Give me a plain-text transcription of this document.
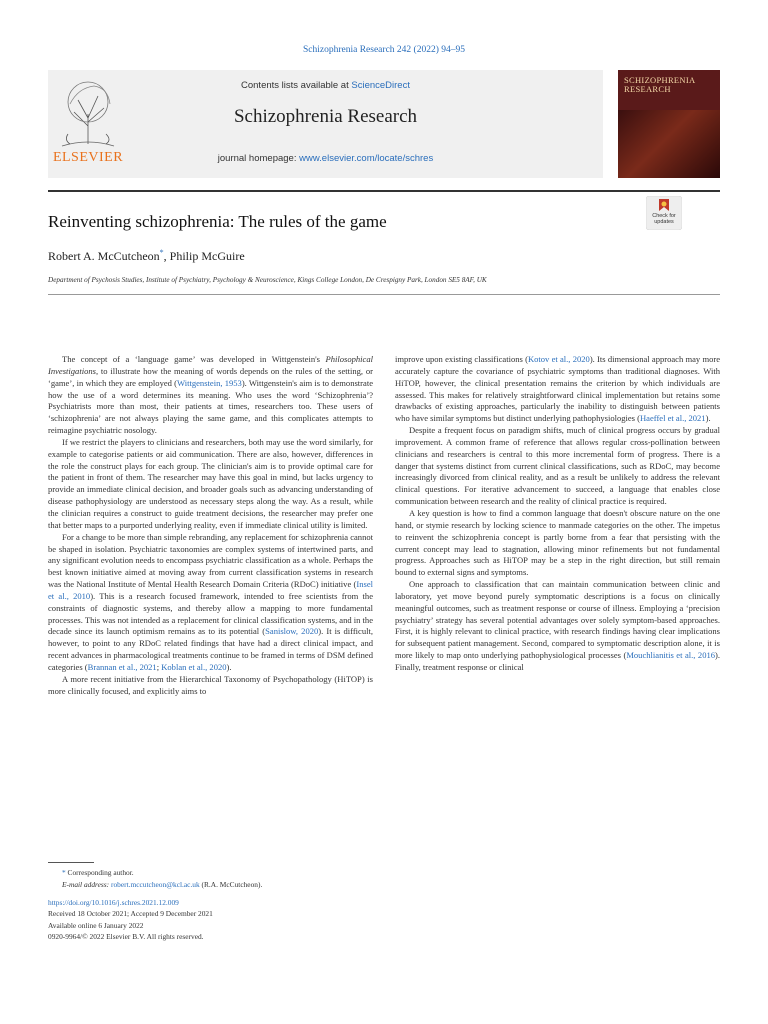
Schizophrenia Research 242 (2022) 94–95
ELSEVIER
Contents lists available at ScienceDirect
Schizophrenia Research
journal homepage: www.elsevier.com/locate/schres
SCHIZOPHRENIA
RESEARCH
Reinventing schizophrenia: The rules of the game	Check for
updates
Robert A. McCutcheon*, Philip McGuire
Department of Psychosis Studies, Institute of Psychiatry, Psychology & Neuroscience, Kings College London, De Crespigny Park, London SE5 8AF, UK

The concept of a ‘language game’ was developed in Wittgenstein's Philosophical Investigations, to illustrate how the meaning of words depends on the rules of the setting, or ‘game’, in which they are employed (Wittgenstein, 1953). Wittgenstein's aim is to demonstrate how the use of a word determines its meaning. Who uses the word ‘Schizophrenia’? Psychiatrists more than most, their patients at times, researchers too. These users of ‘schizophrenia’ are not always playing the same game, and this complicates attempts to reimagine psychiatric nosology.

If we restrict the players to clinicians and researchers, both may use the word similarly, for example to categorise patients or aid communication. There are also, however, differences in the role the construct plays for each group. The clinician's aim is to provide optimal care for the patient in front of them. The researcher may have this goal in mind, but lacks urgency to provide an immediate clinical decision, and broader goals such as advancing understanding of disease pathophysiology are understood as necessary steps along the way. As a result, while the clinician requires a construct to guide treatment decisions, the researcher may prefer one that better maps to a purported underlying reality, even if immediate clinical utility is limited.

For a change to be more than simple rebranding, any replacement for schizophrenia cannot be shaped in isolation. Psychiatric taxonomies are complex systems of intertwined parts, and any significant evolution needs to encompass psychiatric classification as a whole. Perhaps the best known initiative aimed at moving away from current classification systems in research was the National Institute of Mental Health Research Domain Criteria (RDoC) initiative (Insel et al., 2010). This is a research focused framework, intended to free scientists from the constraints of diagnostic systems, and thereby allow a mapping to more fundamental processes. This was not intended as a replacement for clinical classification systems, and in the decade since its launch optimism remains as to its potential (Sanislow, 2020). It is difficult, however, to point to any RDoC related findings that have had a direct clinical impact, and recent advances in pharmacological treatments continue to be framed in terms of DSM defined categories (Brannan et al., 2021; Koblan et al., 2020).

A more recent initiative from the Hierarchical Taxonomy of Psychopathology (HiTOP) is more clinically focused, and explicitly aims to

improve upon existing classifications (Kotov et al., 2020). Its dimensional approach may more accurately capture the covariance of psychiatric symptoms than traditional diagnoses. With HiTOP, however, the clinical presentation remains the criterion by which individuals are assessed. This makes for relatively straightforward clinical implementation but retains some drawbacks of existing approaches, particularly the inability to distinguish between patients who have similar symptoms but distinct underlying pathophysiologies (Haeffel et al., 2021).

Despite a frequent focus on paradigm shifts, much of clinical progress occurs by gradual improvement. A common frame of reference that allows regular cross-pollination between clinicians and researchers is central to this more incremental form of progress. There is a danger that systems distinct from current clinical classifications, such as RDoC, may become increasingly divorced from clinical reality, and as a result be unlikely to address the relevant clinical questions. For iterative advancement to succeed, a language that enables close communication between research and the reality of clinical practice is required.

A key question is how to find a common language that doesn't obscure nature on the one hand, or stymie research by locking science to manmade categories on the other. The impetus to reinvent the schizophrenia concept is partly borne from a fear that persisting with the current concept may lead to stagnation, allowing minor refinements but not fundamental progress. Approaches such as HiTOP may be a step in the right direction, but still remain bound to external signs and symptoms.

One approach to classification that can maintain communication between clinic and laboratory, yet move beyond purely symptomatic descriptions is a focus on clinically meaningful outcomes, such as treatment response or course of illness. Employing a ‘precision psychiatry’ strategy has several potential advantages over solely symptom-based approaches. First, it is highly relevant to clinical practice, with research findings having clear implications for subsequent patient management. Second, compared to symptomatic description alone, it is more likely to map onto underlying pathophysiological processes (Mouchlianitis et al., 2016). Finally, treatment response or clinical

* Corresponding author.
E-mail address: robert.mccutcheon@kcl.ac.uk (R.A. McCutcheon).
https://doi.org/10.1016/j.schres.2021.12.009
Received 18 October 2021; Accepted 9 December 2021
Available online 6 January 2022
0920-9964/© 2022 Elsevier B.V. All rights reserved.
